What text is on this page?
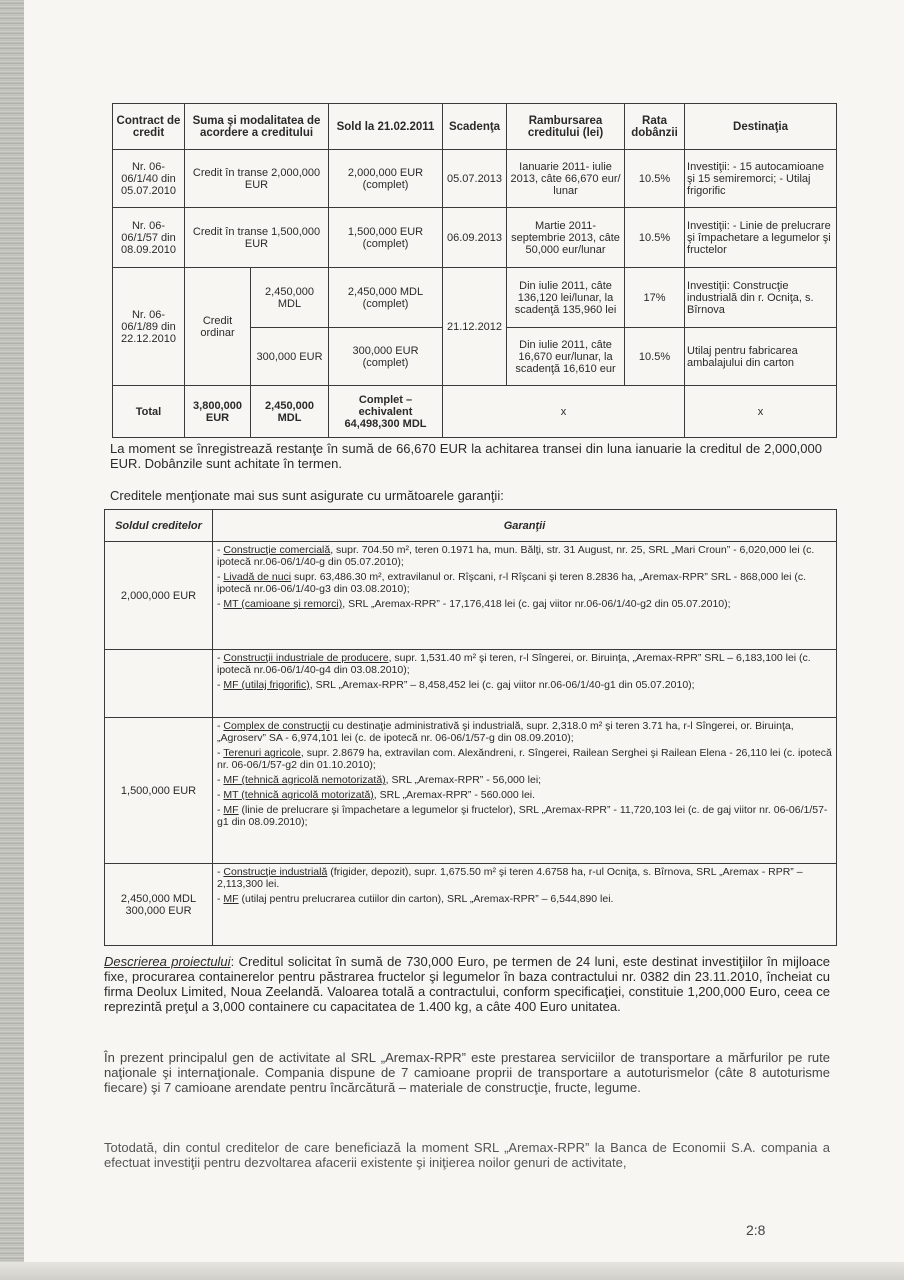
Contract de credit	Suma şi modalitatea de acordere a creditului		Sold la 21.02.2011	Scadenţa	Rambursarea creditului (lei)	Rata dobânzii	Destinaţia
Nr. 06-06/1/40 din 05.07.2010	Credit în transe 2,000,000 EUR		2,000,000 EUR (complet)	05.07.2013	Ianuarie 2011- iulie 2013, câte 66,670 eur/ lunar	10.5%	Investiţii: - 15 autocamioane şi 15 semiremorci; - Utilaj frigorific
Nr. 06-06/1/57 din 08.09.2010	Credit în transe 1,500,000 EUR		1,500,000 EUR (complet)	06.09.2013	Martie 2011- septembrie 2013, câte 50,000 eur/lunar	10.5%	Investiţii: - Linie de prelucrare şi împachetare a legumelor şi fructelor
Nr. 06-06/1/89 din 22.12.2010	Credit ordinar	2,450,000 MDL	2,450,000 MDL (complet)	21.12.2012	Din iulie 2011, câte 136,120 lei/lunar, la scadenţă 135,960 lei	17%	Investiţii: Construcţie industrială din r. Ocniţa, s. Bîrnova
		300,000 EUR	300,000 EUR (complet)		Din iulie 2011, câte 16,670 eur/lunar, la scadenţă 16,610 eur	10.5%	Utilaj pentru fabricarea ambalajului din carton
Total	3,800,000 EUR	2,450,000 MDL	Complet – echivalent 64,498,300 MDL	x			x
La moment se înregistrează restanţe în sumă de 66,670 EUR la achitarea transei din luna ianuarie la creditul de 2,000,000 EUR. Dobânzile sunt achitate în termen.
Creditele menţionate mai sus sunt asigurate cu următoarele garanţii:
Soldul creditelor	Garanţii
2,000,000 EUR	- Construcţie comercială, supr. 704.50 m², teren 0.1971 ha, mun. Bălţi, str. 31 August, nr. 25, SRL „Mari Croun” - 6,020,000 lei (c. ipotecă nr.06-06/1/40-g din 05.07.2010);
- Livadă de nuci supr. 63,486.30 m², extravilanul or. Rîşcani, r-l Rîşcani şi teren 8.2836 ha, „Aremax-RPR” SRL - 868,000 lei (c. ipotecă nr.06-06/1/40-g3 din 03.08.2010);
- MT (camioane şi remorci), SRL „Aremax-RPR” - 17,176,418 lei (c. gaj viitor nr.06-06/1/40-g2 din 05.07.2010);

	- Construcţii industriale de producere, supr. 1,531.40 m² şi teren, r-l Sîngerei, or. Biruinţa, „Aremax-RPR” SRL – 6,183,100 lei (c. ipotecă nr.06-06/1/40-g4 din 03.08.2010);
- MF (utilaj frigorific), SRL „Aremax-RPR” – 8,458,452 lei (c. gaj viitor nr.06-06/1/40-g1 din 05.07.2010);

1,500,000 EUR	- Complex de construcţii cu destinaţie administrativă şi industrială, supr. 2,318.0 m² şi teren 3.71 ha, r-l Sîngerei, or. Biruinţa, „Agroserv” SA - 6,974,101 lei (c. de ipotecă nr. 06-06/1/57-g din 08.09.2010);
- Terenuri agricole, supr. 2.8679 ha, extravilan com. Alexăndreni, r. Sîngerei, Railean Serghei şi Railean Elena - 26,110 lei (c. ipotecă nr. 06-06/1/57-g2 din 01.10.2010);
- MF (tehnică agricolă nemotorizată), SRL „Aremax-RPR” - 56,000 lei;
- MT (tehnică agricolă motorizată), SRL „Aremax-RPR” - 560.000 lei.
- MF (linie de prelucrare şi împachetare a legumelor şi fructelor), SRL „Aremax-RPR” - 11,720,103 lei (c. de gaj viitor nr. 06-06/1/57-g1 din 08.09.2010);

2,450,000 MDL 300,000 EUR	- Construcţie industrială (frigider, depozit), supr. 1,675.50 m² şi teren 4.6758 ha, r-ul Ocniţa, s. Bîrnova, SRL „Aremax - RPR” – 2,113,300 lei.
- MF (utilaj pentru prelucrarea cutiilor din carton), SRL „Aremax-RPR” – 6,544,890 lei.
Descrierea proiectului: Creditul solicitat în sumă de 730,000 Euro, pe termen de 24 luni, este destinat investiţiilor în mijloace fixe, procurarea containerelor pentru păstrarea fructelor şi legumelor în baza contractului nr. 0382 din 23.11.2010, încheiat cu firma Deolux Limited, Noua Zeelandă. Valoarea totală a contractului, conform specificaţiei, constituie 1,200,000 Euro, ceea ce reprezintă preţul a 3,000 containere cu capacitatea de 1.400 kg, a câte 400 Euro unitatea.
În prezent principalul gen de activitate al SRL „Aremax-RPR” este prestarea serviciilor de transportare a mărfurilor pe rute naţionale şi internaţionale. Compania dispune de 7 camioane proprii de transportare a autoturismelor (câte 8 autoturisme fiecare) şi 7 camioane arendate pentru încărcătură – materiale de construcţie, fructe, legume.
Totodată, din contul creditelor de care beneficiază la moment SRL „Aremax-RPR” la Banca de Economii S.A. compania a efectuat investiţii pentru dezvoltarea afacerii existente şi iniţierea noilor genuri de activitate,
2:8
